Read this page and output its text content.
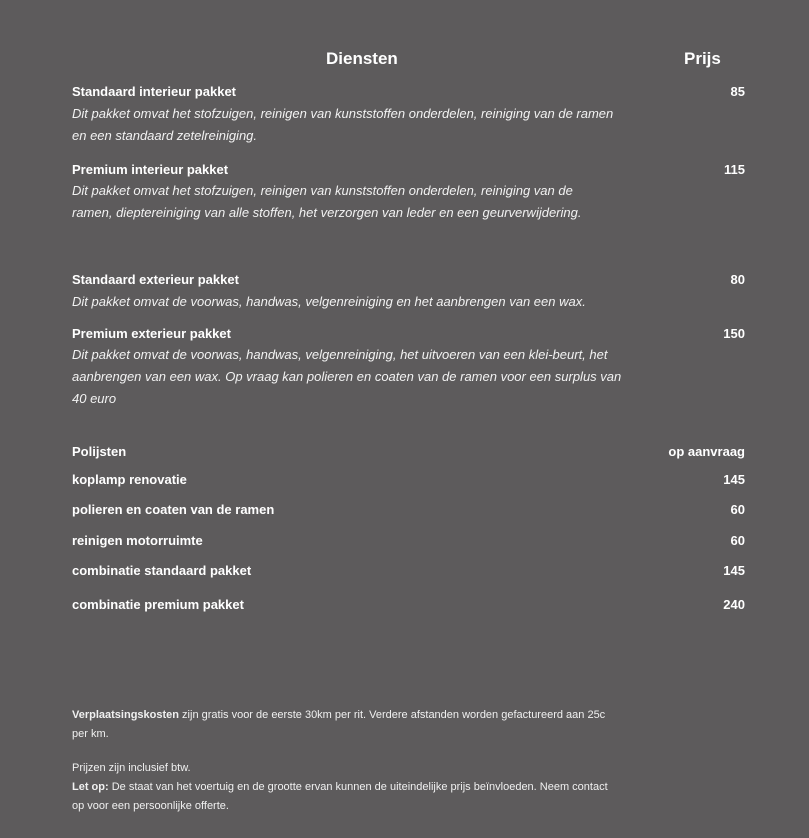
Diensten	Prijs
Standaard interieur pakket	85
Dit pakket omvat het stofzuigen, reinigen van kunststoffen onderdelen, reiniging van de ramen
en een standaard zetelreiniging.
Premium interieur pakket	115
Dit pakket omvat het stofzuigen, reinigen van kunststoffen onderdelen, reiniging van de
ramen, dieptereiniging van alle stoffen, het verzorgen van leder en een geurverwijdering.
Standaard exterieur pakket	80
Dit pakket omvat de voorwas, handwas, velgenreiniging en het aanbrengen van een wax.
Premium exterieur pakket	150
Dit pakket omvat de voorwas, handwas, velgenreiniging, het uitvoeren van een klei-beurt, het
aanbrengen van een wax. Op vraag kan polieren en coaten van de ramen voor een surplus van
40 euro
Polijsten	op aanvraag
koplamp renovatie	145
polieren en coaten van de ramen	60
reinigen motorruimte	60
combinatie standaard pakket	145
combinatie premium pakket	240
Verplaatsingskosten zijn gratis voor de eerste 30km per rit. Verdere afstanden worden gefactureerd aan 25c
per km.
Prijzen zijn inclusief btw.
Let op: De staat van het voertuig en de grootte ervan kunnen de uiteindelijke prijs beïnvloeden. Neem contact
op voor een persoonlijke offerte.
